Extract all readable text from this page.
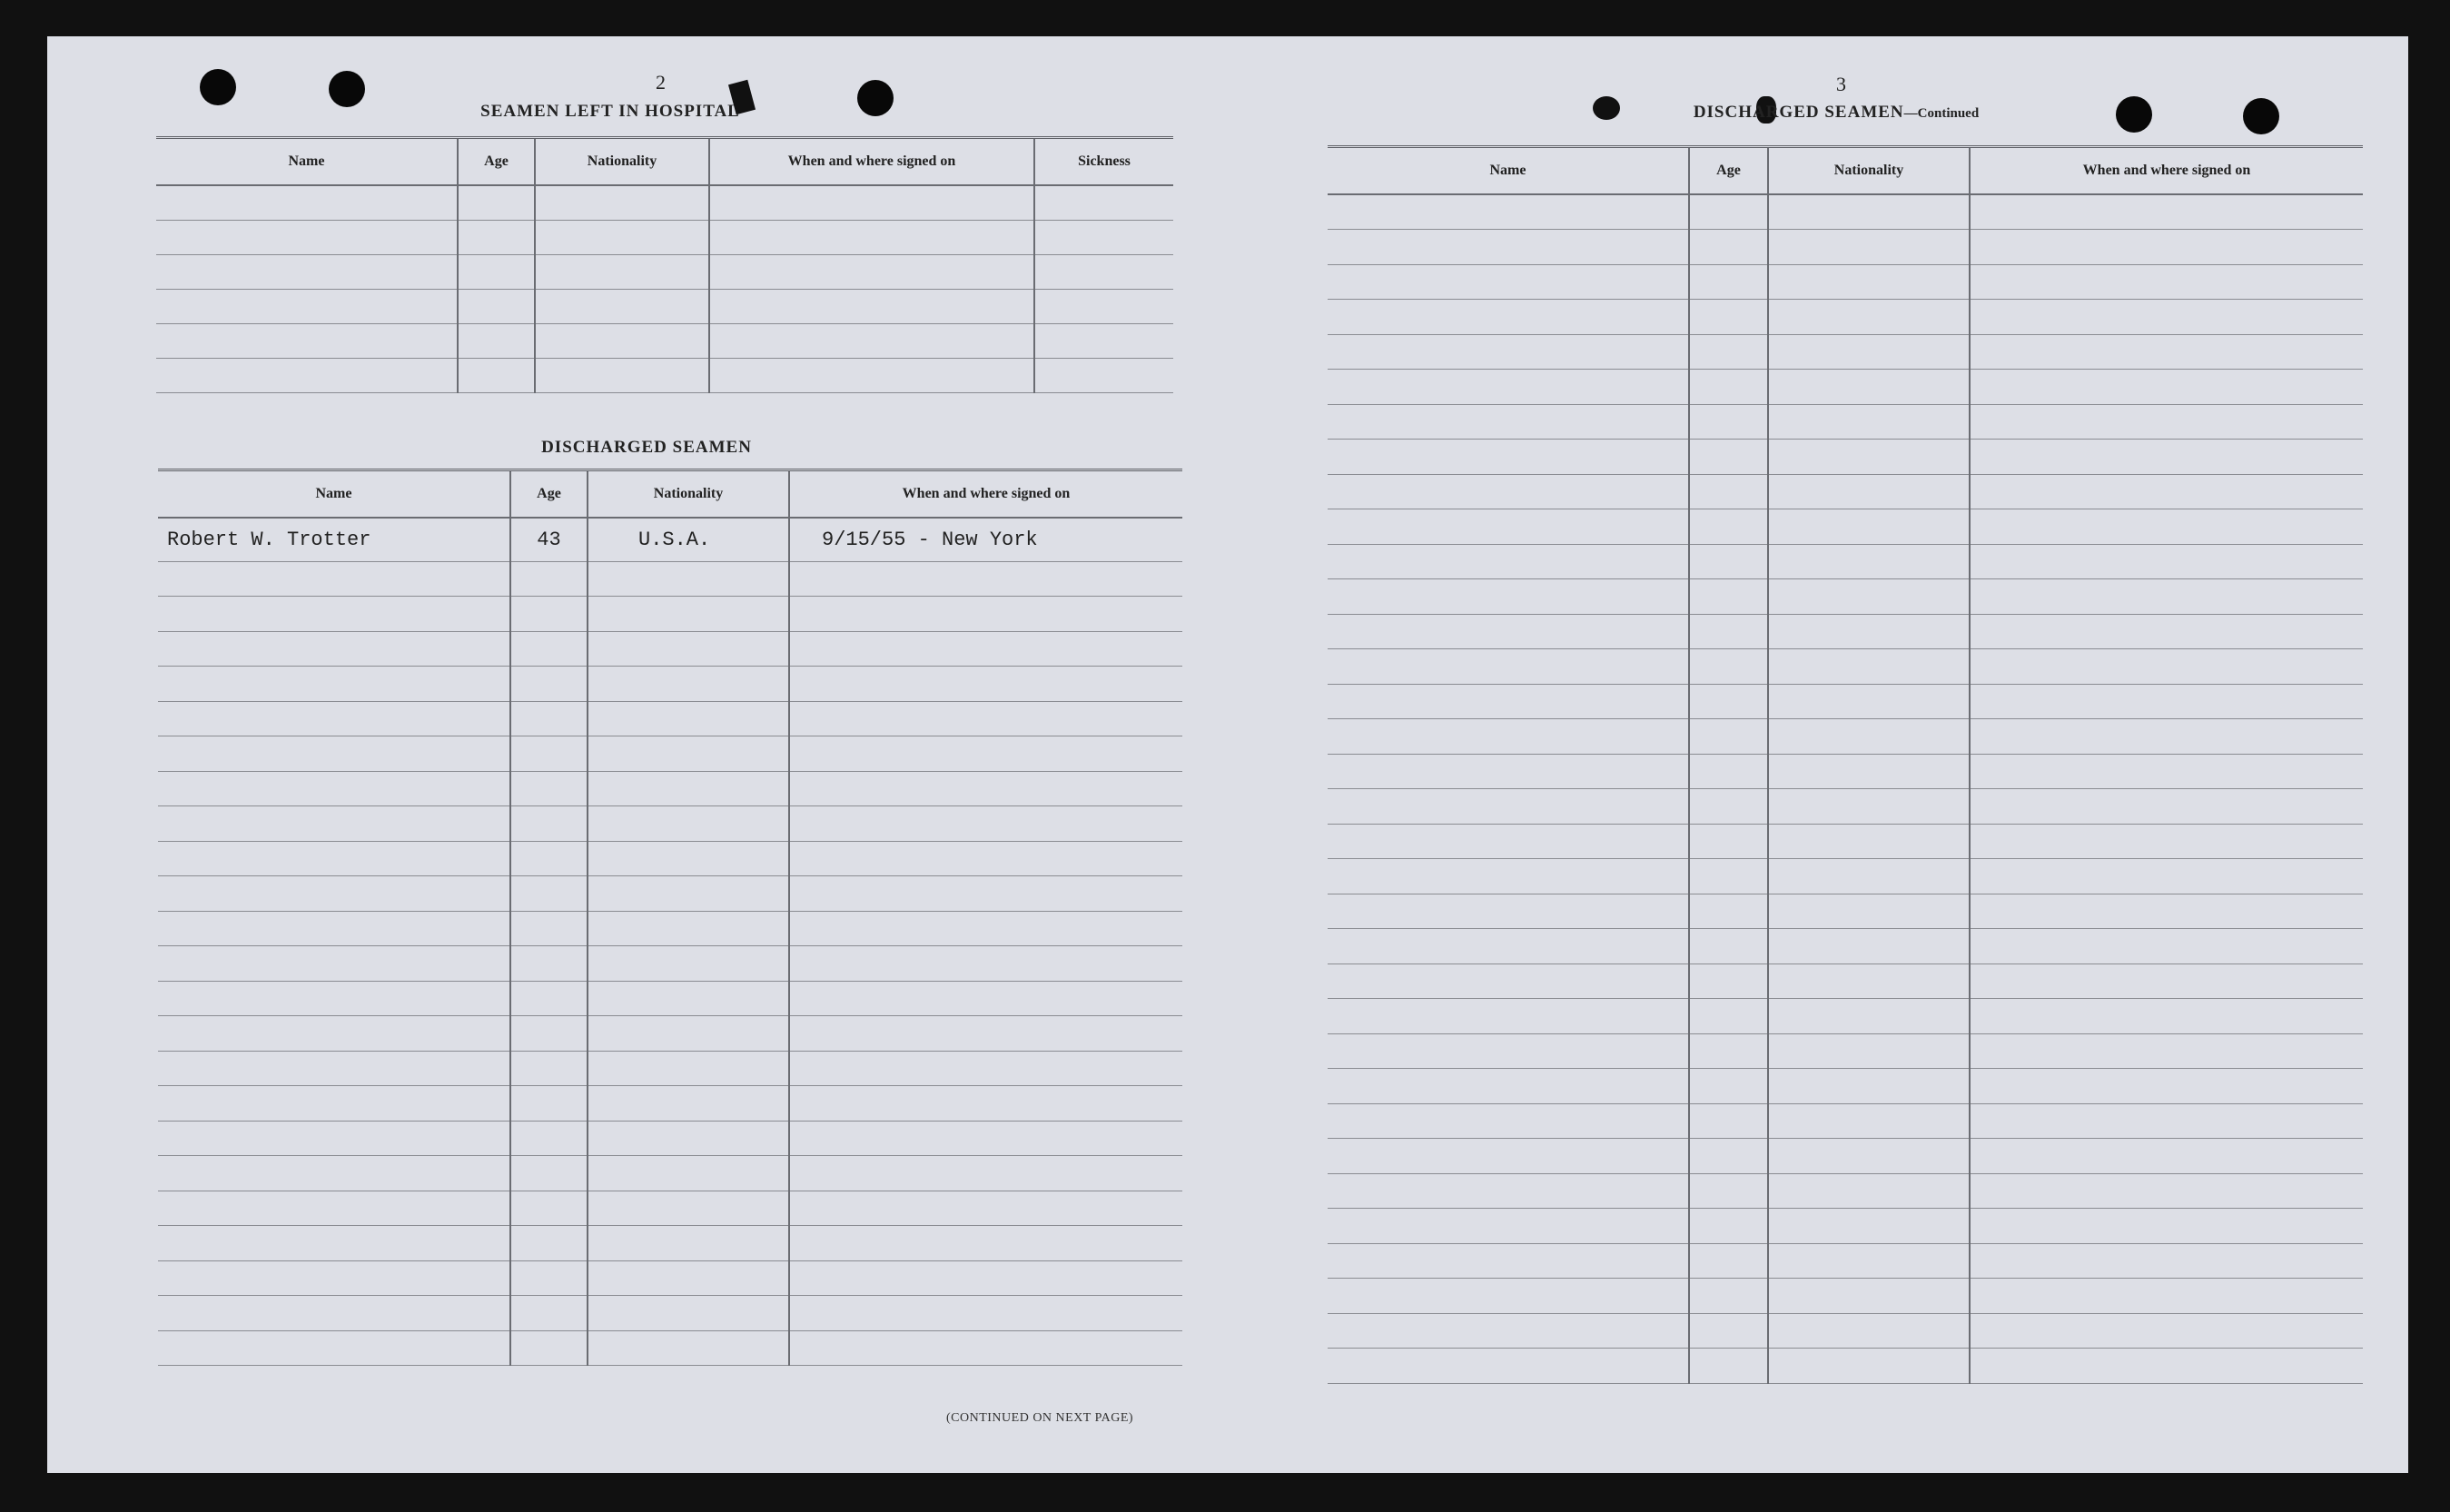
2
SEAMEN LEFT IN HOSPITAL
Name	Age	Nationality	When and where signed on	Sickness

DISCHARGED SEAMEN
Name	Age	Nationality	When and where signed on
Robert W. Trotter	43	U.S.A.	9/15/55 - New York

(CONTINUED ON NEXT PAGE)
3
DISCHARGED SEAMEN—Continued
Name	Age	Nationality	When and where signed on
